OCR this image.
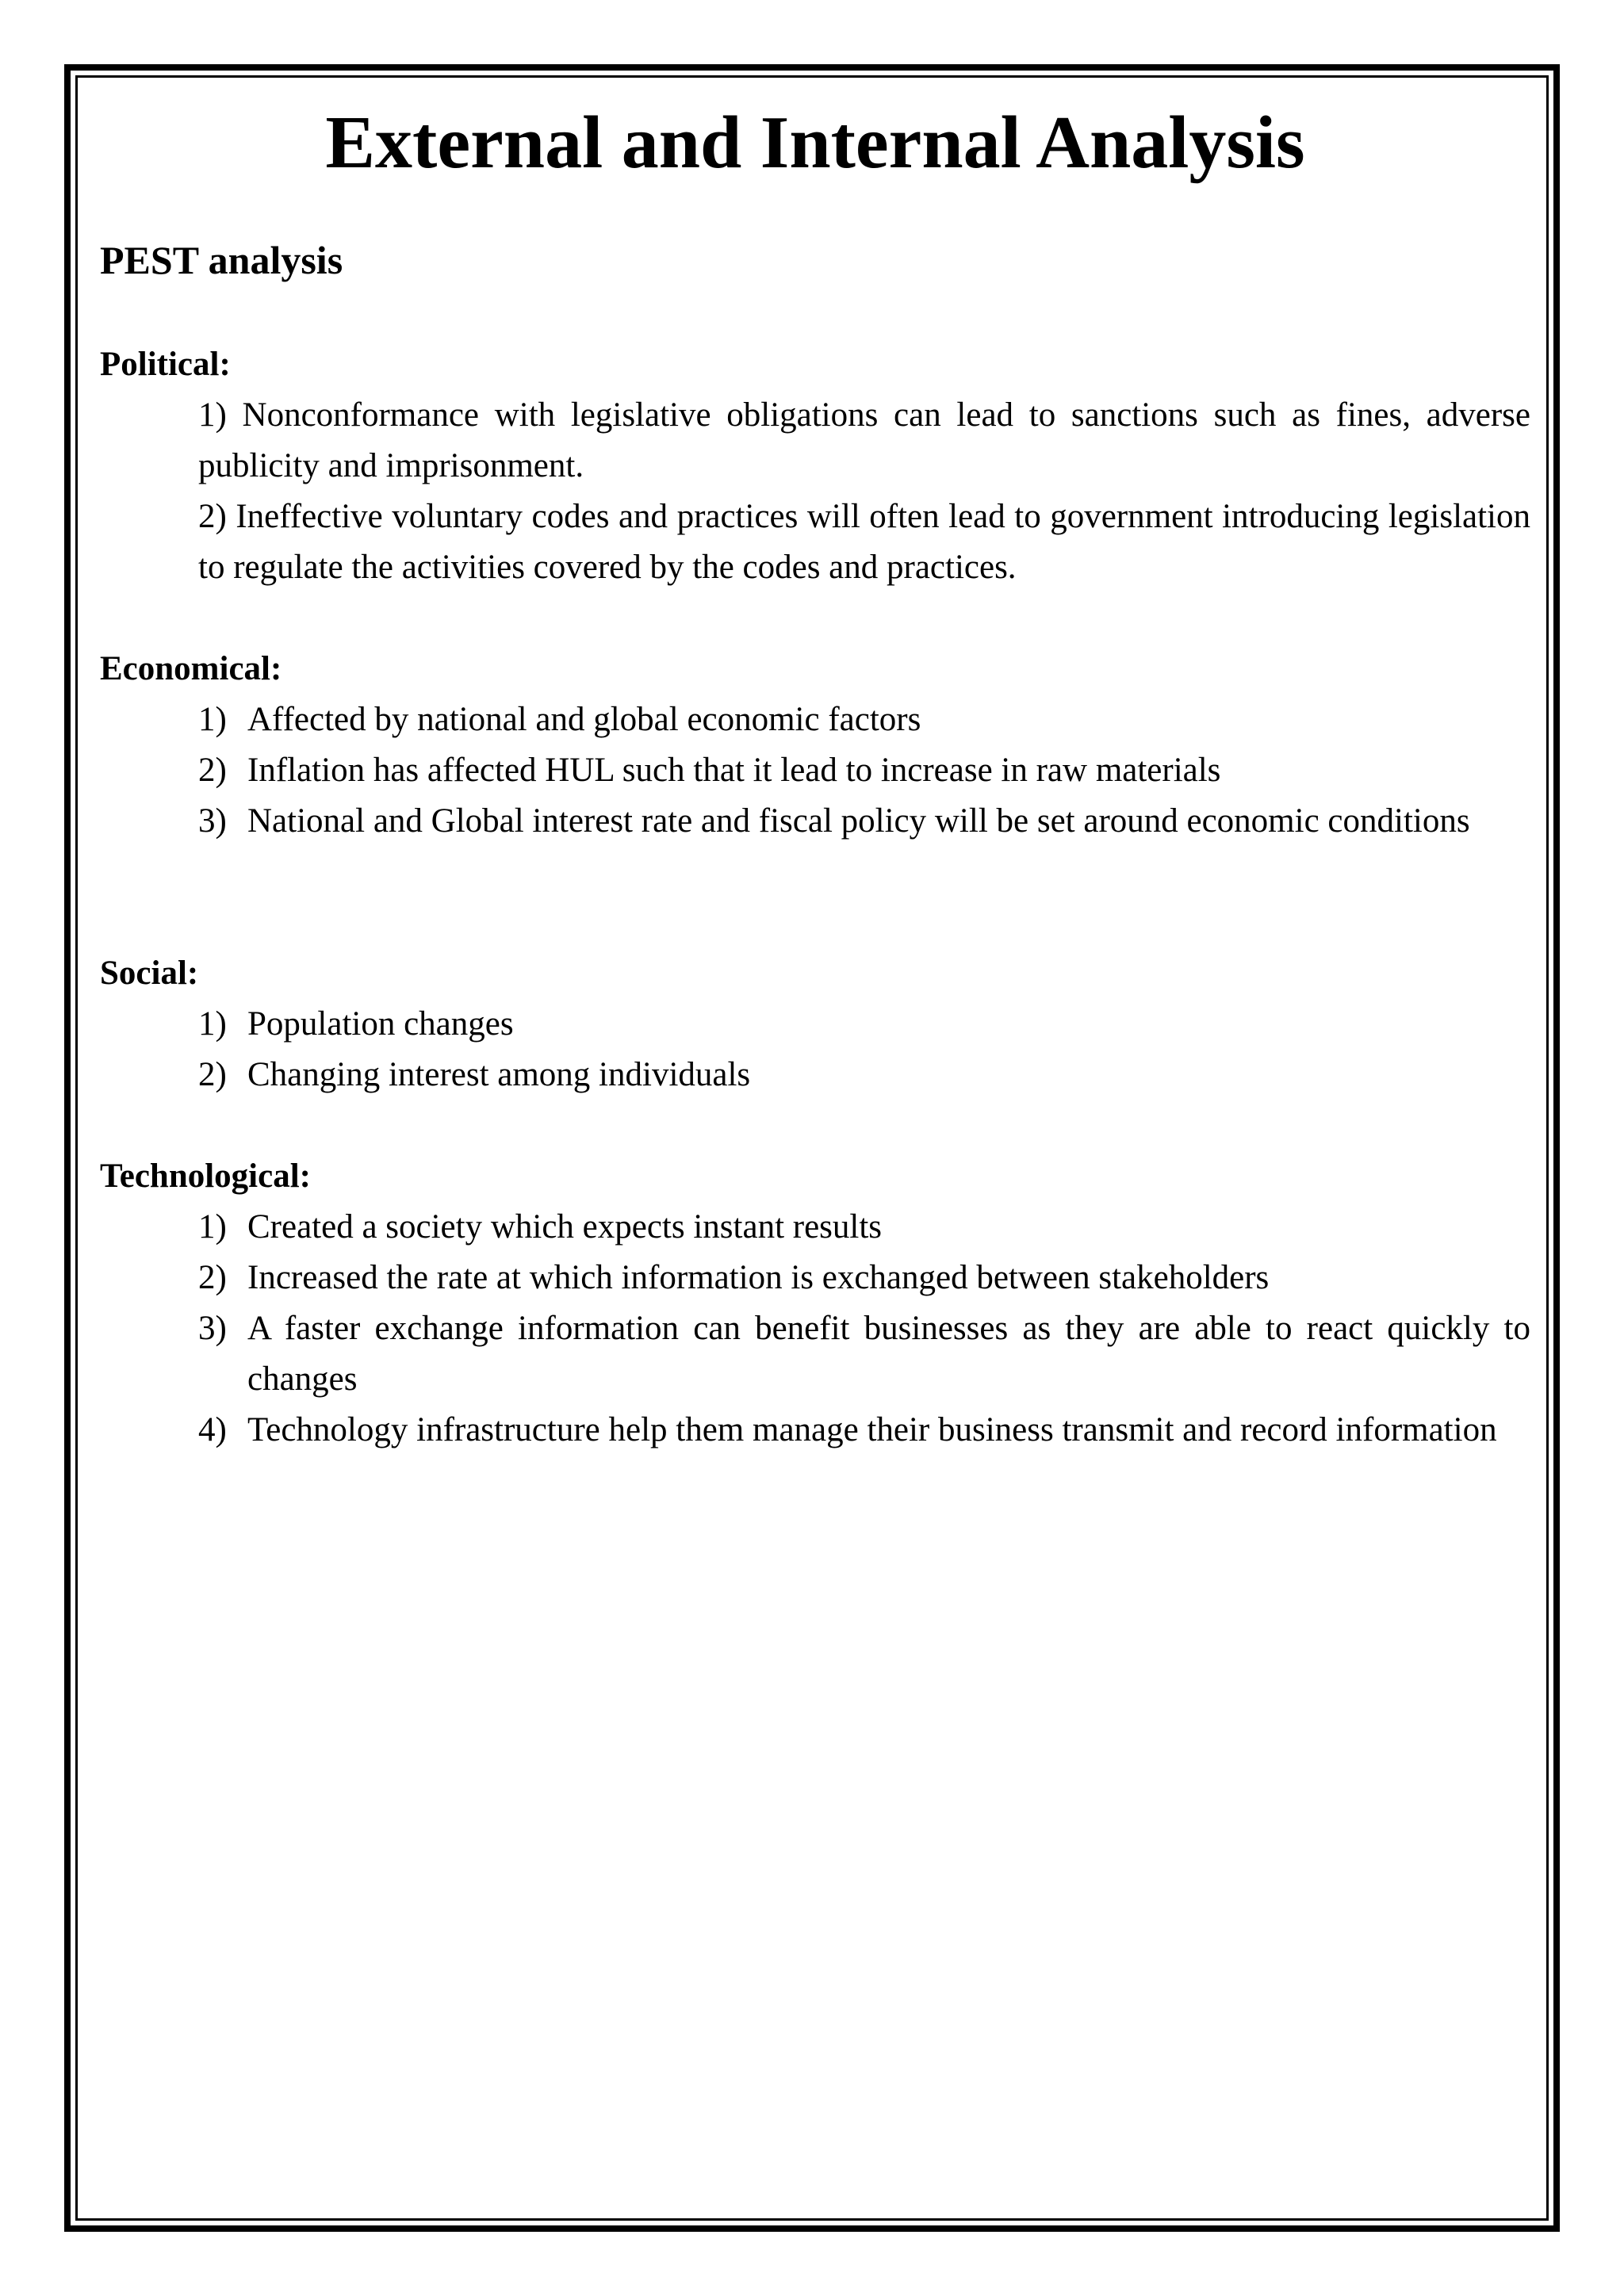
External and Internal Analysis
PEST analysis
Political:

1) Nonconformance with legislative obligations can lead to sanctions such as fines, adverse publicity and imprisonment.

2) Ineffective voluntary codes and practices will often lead to government introducing legislation to regulate the activities covered by the codes and practices.

Economical:
1) Affected by national and global economic factors
2) Inflation has affected HUL such that it lead to increase in raw materials
3) National and Global interest rate and fiscal policy will be set around economic conditions
Social:
1) Population changes
2) Changing interest among individuals
Technological:
1) Created a society which expects instant results
2) Increased the rate at which information is exchanged between stakeholders
3) A faster exchange information can benefit businesses as they are able to react quickly to changes
4) Technology infrastructure help them manage their business transmit and record information
